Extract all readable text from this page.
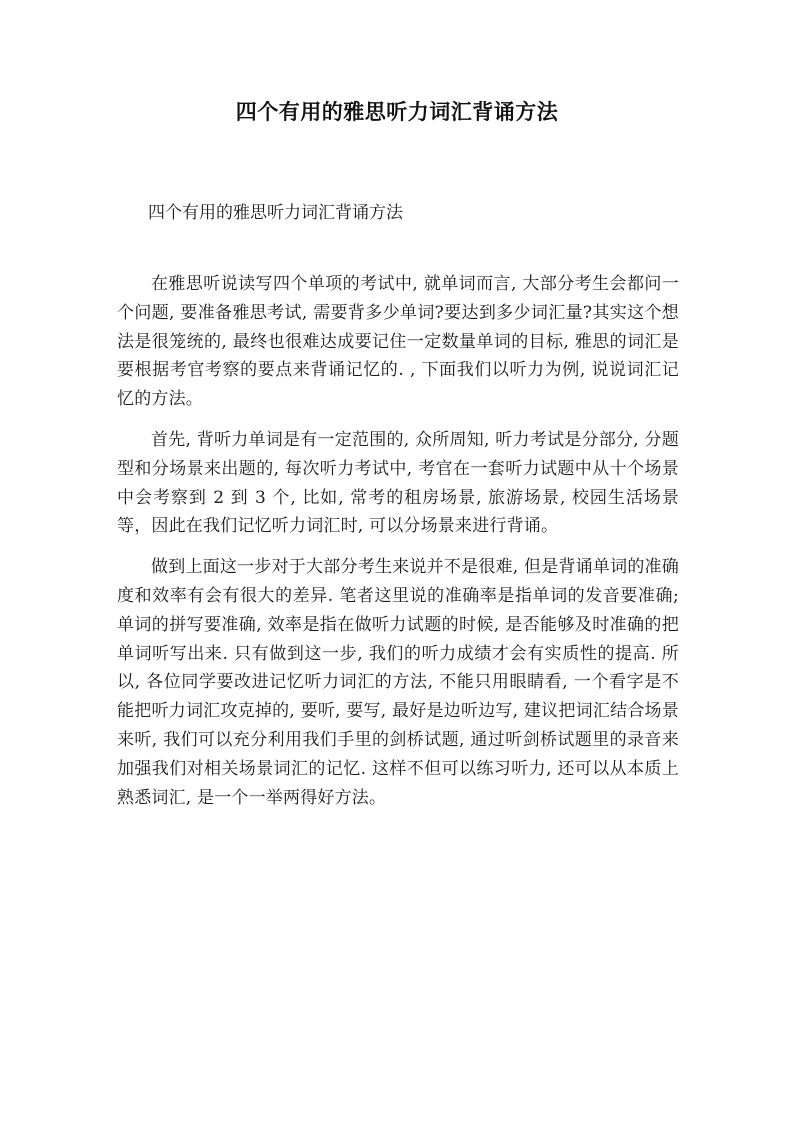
四个有用的雅思听力词汇背诵方法

四个有用的雅思听力词汇背诵方法

在雅思听说读写四个单项的考试中, 就单词而言, 大部分考生会都问一个问题, 要准备雅思考试, 需要背多少单词?要达到多少词汇量?其实这个想法是很笼统的, 最终也很难达成要记住一定数量单词的目标, 雅思的词汇是要根据考官考察的要点来背诵记忆的. , 下面我们以听力为例, 说说词汇记忆的方法。

首先, 背听力单词是有一定范围的, 众所周知, 听力考试是分部分, 分题型和分场景来出题的, 每次听力考试中, 考官在一套听力试题中从十个场景中会考察到 2 到 3 个, 比如, 常考的租房场景, 旅游场景, 校园生活场景等，因此在我们记忆听力词汇时, 可以分场景来进行背诵。

做到上面这一步对于大部分考生来说并不是很难, 但是背诵单词的准确度和效率有会有很大的差异. 笔者这里说的准确率是指单词的发音要准确; 单词的拼写要准确, 效率是指在做听力试题的时候, 是否能够及时准确的把单词听写出来. 只有做到这一步, 我们的听力成绩才会有实质性的提高. 所以, 各位同学要改进记忆听力词汇的方法, 不能只用眼睛看, 一个看字是不能把听力词汇攻克掉的, 要听, 要写, 最好是边听边写, 建议把词汇结合场景来听, 我们可以充分利用我们手里的剑桥试题, 通过听剑桥试题里的录音来加强我们对相关场景词汇的记忆. 这样不但可以练习听力, 还可以从本质上熟悉词汇, 是一个一举两得好方法。
